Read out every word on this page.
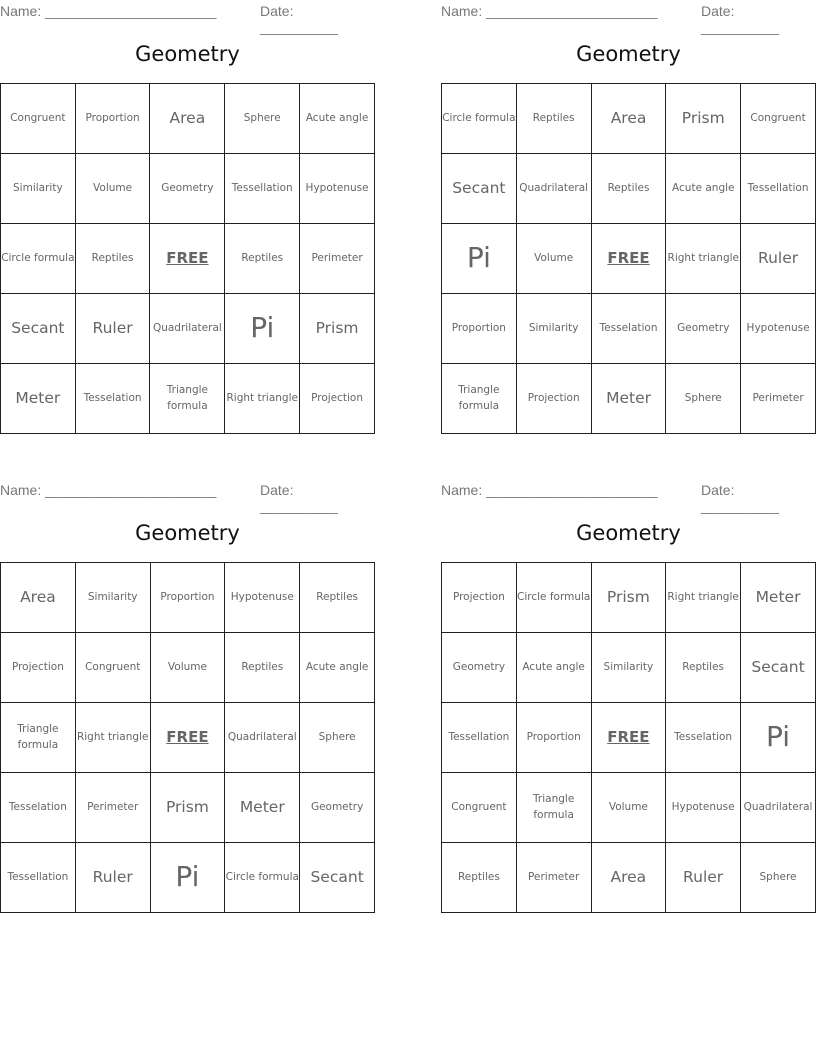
Name: ______________________	Date: __________
Geometry
Congruent	Proportion	Area	Sphere	Acute angle
Similarity	Volume	Geometry	Tessellation	Hypotenuse
Circle formula	Reptiles	FREE	Reptiles	Perimeter
Secant	Ruler	Quadrilateral	Pi	Prism
Meter	Tesselation	Triangle formula	Right triangle	Projection
Name: ______________________	Date: __________
Geometry
Circle formula	Reptiles	Area	Prism	Congruent
Secant	Quadrilateral	Reptiles	Acute angle	Tessellation
Pi	Volume	FREE	Right triangle	Ruler
Proportion	Similarity	Tesselation	Geometry	Hypotenuse
Triangle formula	Projection	Meter	Sphere	Perimeter
Name: ______________________	Date: __________
Geometry
Area	Similarity	Proportion	Hypotenuse	Reptiles
Projection	Congruent	Volume	Reptiles	Acute angle
Triangle formula	Right triangle	FREE	Quadrilateral	Sphere
Tesselation	Perimeter	Prism	Meter	Geometry
Tessellation	Ruler	Pi	Circle formula	Secant
Name: ______________________	Date: __________
Geometry
Projection	Circle formula	Prism	Right triangle	Meter
Geometry	Acute angle	Similarity	Reptiles	Secant
Tessellation	Proportion	FREE	Tesselation	Pi
Congruent	Triangle formula	Volume	Hypotenuse	Quadrilateral
Reptiles	Perimeter	Area	Ruler	Sphere
